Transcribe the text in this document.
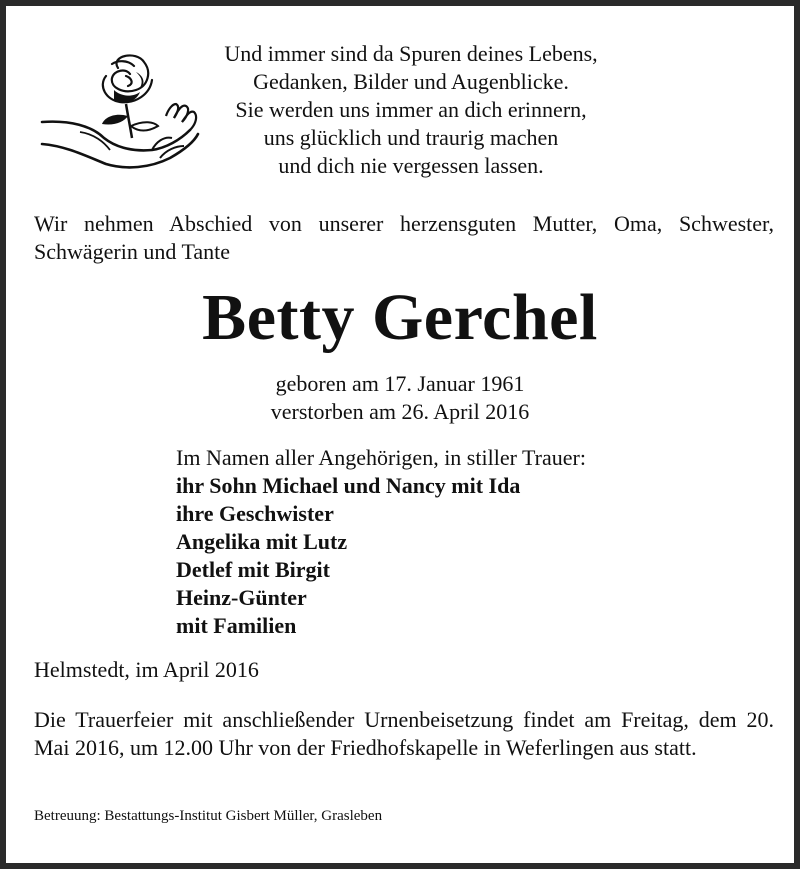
Und immer sind da Spuren deines Lebens,
Gedanken, Bilder und Augenblicke.
Sie werden uns immer an dich erinnern,
uns glücklich und traurig machen
und dich nie vergessen lassen.
Wir nehmen Abschied von unserer herzensguten Mutter, Oma, Schwester, Schwägerin und Tante
Betty Gerchel
geboren am 17. Januar 1961
verstorben am 26. April 2016
Im Namen aller Angehörigen, in stiller Trauer:
ihr Sohn Michael und Nancy mit Ida
ihre Geschwister
Angelika mit Lutz
Detlef mit Birgit
Heinz-Günter
mit Familien
Helmstedt, im April 2016
Die Trauerfeier mit anschließender Urnenbeisetzung findet am Freitag, dem 20. Mai 2016, um 12.00 Uhr von der Friedhofskapelle in Weferlingen aus statt.
Betreuung: Bestattungs-Institut Gisbert Müller, Grasleben
